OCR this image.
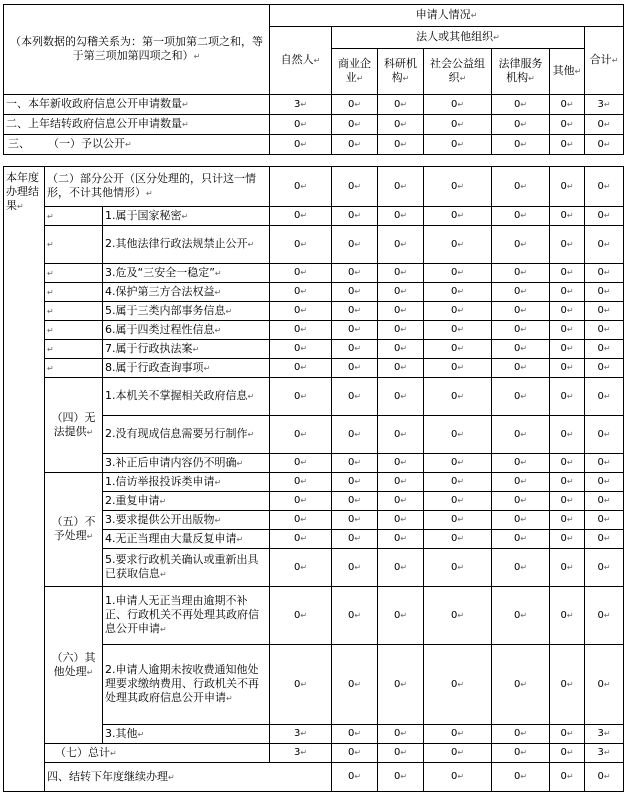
（本列数据的勾稽关系为：第一项加第二项之和，等于第三项加第四项之和） ↵	申请人情况 ↵
	自然人 ↵	法人或其他组织 ↵					合计 ↵
		商业企业 ↵	科研机构 ↵	社会公益组织 ↵	法律服务机构 ↵	其他 ↵
一、本年新收政府信息公开申请数量 ↵	3 ↵	0 ↵	0 ↵	0 ↵	0 ↵	0 ↵	3 ↵
二、上年结转政府信息公开申请数量 ↵	0 ↵	0 ↵	0 ↵	0 ↵	0 ↵	0 ↵	0 ↵
三、 （一）予以公开 ↵	0 ↵	0 ↵	0 ↵	0 ↵	0 ↵	0 ↵	0 ↵
本年度办理结果 ↵	（二）部分公开（区分处理的，只计这一情形，不计其他情形） ↵		0 ↵	0 ↵	0 ↵	0 ↵	0 ↵	0 ↵	0 ↵
↵	1.属于国家秘密 ↵	0 ↵	0 ↵	0 ↵	0 ↵	0 ↵	0 ↵	0 ↵
↵	2.其他法律行政法规禁止公开 ↵	0 ↵	0 ↵	0 ↵	0 ↵	0 ↵	0 ↵	0 ↵
↵	3.危及“三安全一稳定” ↵	0 ↵	0 ↵	0 ↵	0 ↵	0 ↵	0 ↵	0 ↵
↵	4.保护第三方合法权益 ↵	0 ↵	0 ↵	0 ↵	0 ↵	0 ↵	0 ↵	0 ↵
↵	5.属于三类内部事务信息 ↵	0 ↵	0 ↵	0 ↵	0 ↵	0 ↵	0 ↵	0 ↵
↵	6.属于四类过程性信息 ↵	0 ↵	0 ↵	0 ↵	0 ↵	0 ↵	0 ↵	0 ↵
↵	7.属于行政执法案 ↵	0 ↵	0 ↵	0 ↵	0 ↵	0 ↵	0 ↵	0 ↵
↵	8.属于行政查询事项 ↵	0 ↵	0 ↵	0 ↵	0 ↵	0 ↵	0 ↵	0 ↵
	（四）无法提供 ↵	1.本机关不掌握相关政府信息 ↵	0 ↵	0 ↵	0 ↵	0 ↵	0 ↵	0 ↵	0 ↵
		2.没有现成信息需要另行制作 ↵	0 ↵	0 ↵	0 ↵	0 ↵	0 ↵	0 ↵	0 ↵
		3.补正后申请内容仍不明确 ↵	0 ↵	0 ↵	0 ↵	0 ↵	0 ↵	0 ↵	0 ↵
	（五）不予处理 ↵	1.信访举报投诉类申请 ↵	0 ↵	0 ↵	0 ↵	0 ↵	0 ↵	0 ↵	0 ↵
		2.重复申请 ↵	0 ↵	0 ↵	0 ↵	0 ↵	0 ↵	0 ↵	0 ↵
		3.要求提供公开出版物 ↵	0 ↵	0 ↵	0 ↵	0 ↵	0 ↵	0 ↵	0 ↵
		4.无正当理由大量反复申请 ↵	0 ↵	0 ↵	0 ↵	0 ↵	0 ↵	0 ↵	0 ↵
		5.要求行政机关确认或重新出具已获取信息 ↵	0 ↵	0 ↵	0 ↵	0 ↵	0 ↵	0 ↵	0 ↵
	（六）其他处理 ↵	1.申请人无正当理由逾期不补正、行政机关不再处理其政府信息公开申请 ↵	0 ↵	0 ↵	0 ↵	0 ↵	0 ↵	0 ↵	0 ↵
		2.申请人逾期未按收费通知他处理要求缴纳费用、行政机关不再处理其政府信息公开申请 ↵	0 ↵	0 ↵	0 ↵	0 ↵	0 ↵	0 ↵	0 ↵
		3.其他 ↵	3 ↵	0 ↵	0 ↵	0 ↵	0 ↵	0 ↵	3 ↵
	（七）总计 ↵		3 ↵	0 ↵	0 ↵	0 ↵	0 ↵	0 ↵	3 ↵
	四、结转下年度继续办理 ↵			0 ↵	0 ↵	0 ↵	0 ↵	0 ↵	0 ↵	
